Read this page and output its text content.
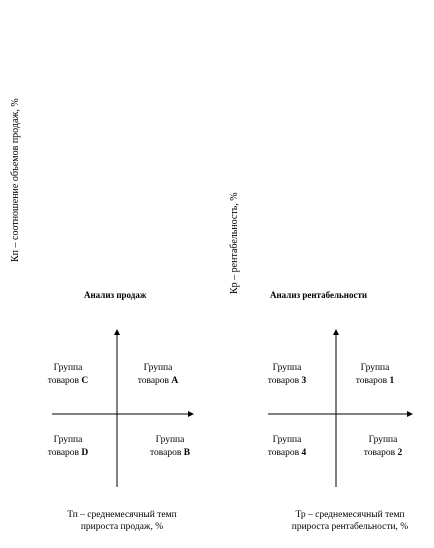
Кп – соотношение объемов продаж, %	Кр – рентабельность, %
Анализ продаж	Анализ рентабельности
Группа
товаров С
Группа
товаров А
Группа
товаров D
Группа
товаров В
Группа
товаров 3
Группа
товаров 1
Группа
товаров 4
Группа
товаров 2
Тп – среднемесячный темп
прироста продаж, %
Тр – среднемесячный темп
прироста рентабельности, %
